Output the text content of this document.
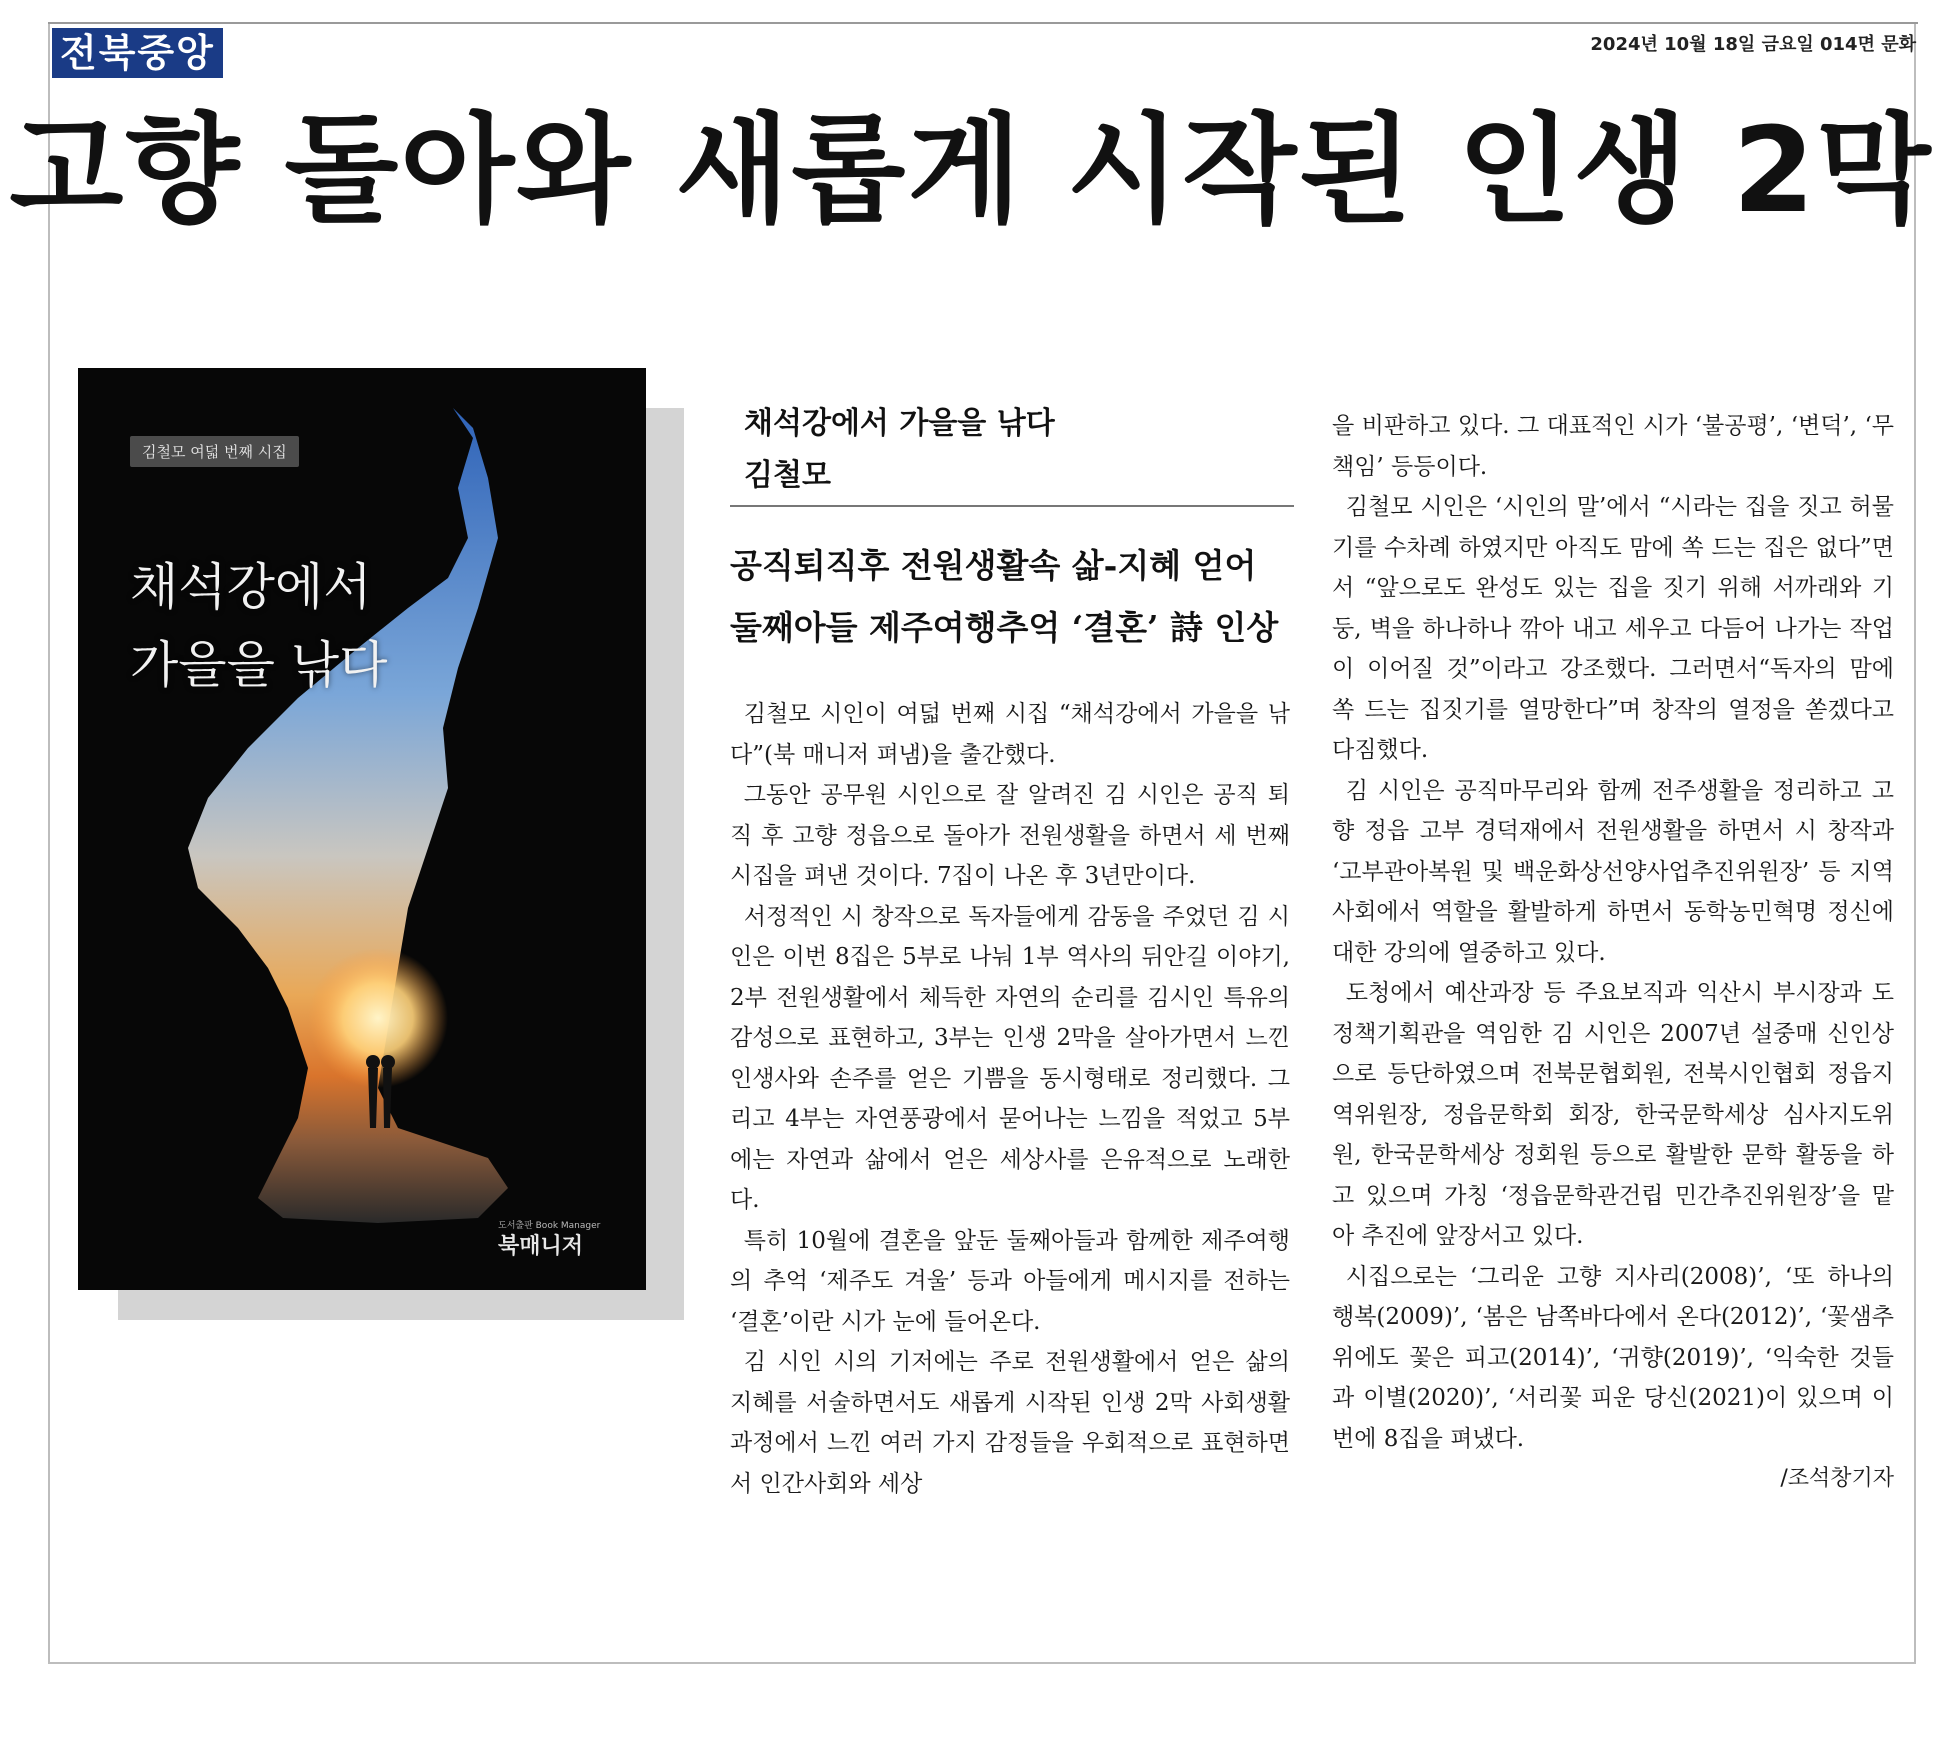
전북중앙	2024년 10월 18일 금요일 014면 문화
고향 돌아와 새롭게 시작된 인생 2막
김철모 여덟 번째 시집
채석강에서
가을을 낚다
도서출판 Book Manager
북매니저
채석강에서 가을을 낚다
김철모
공직퇴직후 전원생활속 삶-지혜 얻어
둘째아들 제주여행추억 ‘결혼’ 詩 인상

김철모 시인이 여덟 번째 시집 “채석강에서 가을을 낚다”(북 매니저 펴냄)을 출간했다.

그동안 공무원 시인으로 잘 알려진 김 시인은 공직 퇴직 후 고향 정읍으로 돌아가 전원생활을 하면서 세 번째 시집을 펴낸 것이다. 7집이 나온 후 3년만이다.

서정적인 시 창작으로 독자들에게 감동을 주었던 김 시인은 이번 8집은 5부로 나눠 1부 역사의 뒤안길 이야기, 2부 전원생활에서 체득한 자연의 순리를 김시인 특유의 감성으로 표현하고, 3부는 인생 2막을 살아가면서 느낀 인생사와 손주를 얻은 기쁨을 동시형태로 정리했다. 그리고 4부는 자연풍광에서 묻어나는 느낌을 적었고 5부에는 자연과 삶에서 얻은 세상사를 은유적으로 노래한다.

특히 10월에 결혼을 앞둔 둘째아들과 함께한 제주여행의 추억 ‘제주도 겨울’ 등과 아들에게 메시지를 전하는 ‘결혼’이란 시가 눈에 들어온다.

김 시인 시의 기저에는 주로 전원생활에서 얻은 삶의 지혜를 서술하면서도 새롭게 시작된 인생 2막 사회생활 과정에서 느낀 여러 가지 감정들을 우회적으로 표현하면서 인간사회와 세상

을 비판하고 있다. 그 대표적인 시가 ‘불공평’, ‘변덕’, ‘무책임’ 등등이다.

김철모 시인은 ‘시인의 말’에서 “시라는 집을 짓고 허물기를 수차례 하였지만 아직도 맘에 쏙 드는 집은 없다”면서 “앞으로도 완성도 있는 집을 짓기 위해 서까래와 기둥, 벽을 하나하나 깎아 내고 세우고 다듬어 나가는 작업이 이어질 것”이라고 강조했다. 그러면서“독자의 맘에 쏙 드는 집짓기를 열망한다”며 창작의 열정을 쏟겠다고 다짐했다.

김 시인은 공직마무리와 함께 전주생활을 정리하고 고향 정읍 고부 경덕재에서 전원생활을 하면서 시 창작과 ‘고부관아복원 및 백운화상선양사업추진위원장’ 등 지역사회에서 역할을 활발하게 하면서 동학농민혁명 정신에 대한 강의에 열중하고 있다.

도청에서 예산과장 등 주요보직과 익산시 부시장과 도 정책기획관을 역임한 김 시인은 2007년 설중매 신인상으로 등단하였으며 전북문협회원, 전북시인협회 정읍지역위원장, 정읍문학회 회장, 한국문학세상 심사지도위원, 한국문학세상 정회원 등으로 활발한 문학 활동을 하고 있으며 가칭 ‘정읍문학관건립 민간추진위원장’을 맡아 추진에 앞장서고 있다.

시집으로는 ‘그리운 고향 지사리(2008)’, ‘또 하나의 행복(2009)’, ‘봄은 남쪽바다에서 온다(2012)’, ‘꽃샘추위에도 꽃은 피고(2014)’, ‘귀향(2019)’, ‘익숙한 것들과 이별(2020)’, ‘서리꽃 피운 당신(2021)이 있으며 이번에 8집을 펴냈다.

/조석창기자
